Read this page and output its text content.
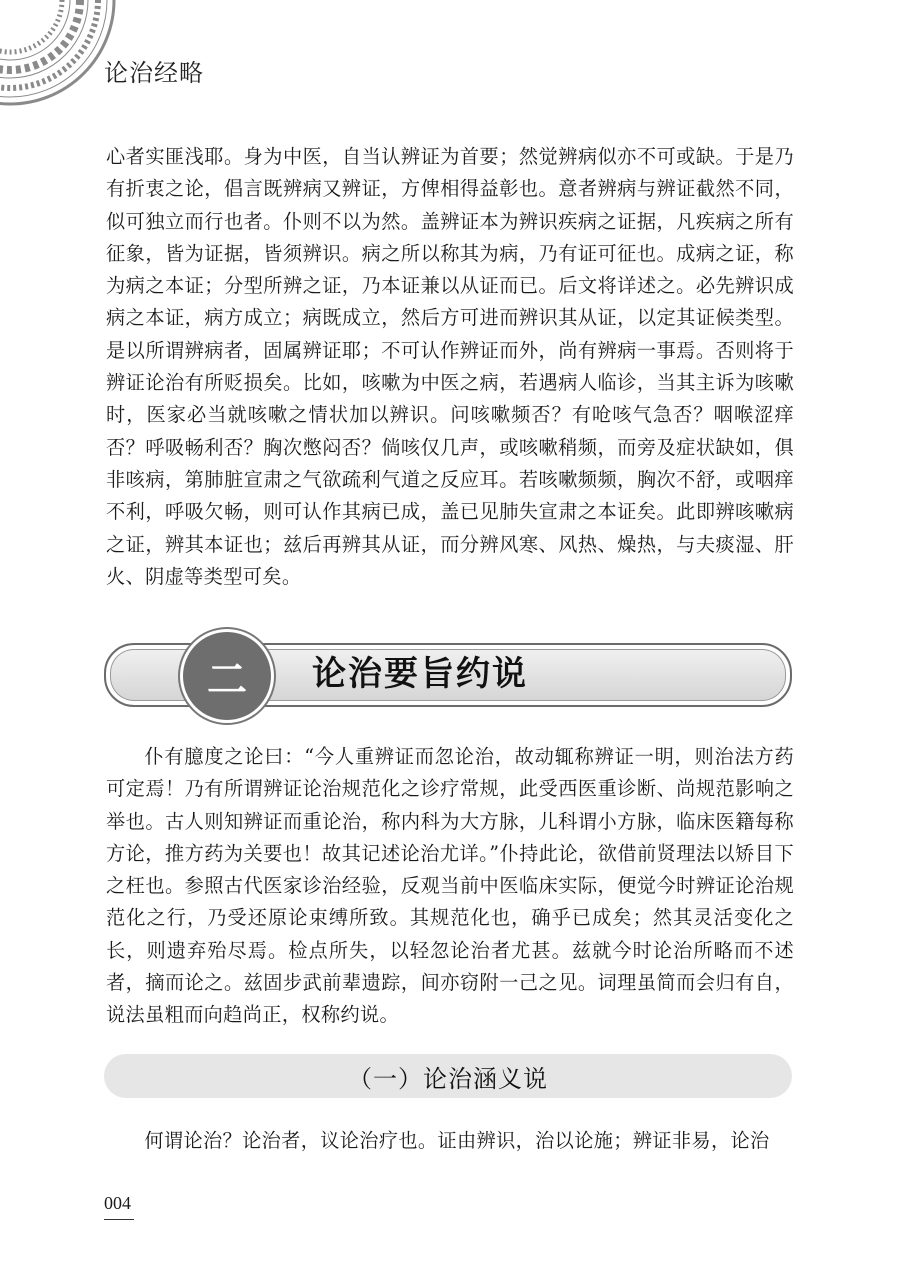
论治经略

心者实匪浅耶。身为中医，自当认辨证为首要；然觉辨病似亦不可或缺。于是乃有折衷之论，倡言既辨病又辨证，方俾相得益彰也。意者辨病与辨证截然不同，似可独立而行也者。仆则不以为然。盖辨证本为辨识疾病之证据，凡疾病之所有征象，皆为证据，皆须辨识。病之所以称其为病，乃有证可征也。成病之证，称为病之本证；分型所辨之证，乃本证兼以从证而已。后文将详述之。必先辨识成病之本证，病方成立；病既成立，然后方可进而辨识其从证，以定其证候类型。是以所谓辨病者，固属辨证耶；不可认作辨证而外，尚有辨病一事焉。否则将于辨证论治有所贬损矣。比如，咳嗽为中医之病，若遇病人临诊，当其主诉为咳嗽时，医家必当就咳嗽之情状加以辨识。问咳嗽频否？有呛咳气急否？咽喉涩痒否？呼吸畅利否？胸次憋闷否？倘咳仅几声，或咳嗽稍频，而旁及症状缺如，俱非咳病，第肺脏宣肃之气欲疏利气道之反应耳。若咳嗽频频，胸次不舒，或咽痒不利，呼吸欠畅，则可认作其病已成，盖已见肺失宣肃之本证矣。此即辨咳嗽病之证，辨其本证也；兹后再辨其从证，而分辨风寒、风热、燥热，与夫痰湿、肝火、阴虚等类型可矣。

二 论治要旨约说

仆有臆度之论曰：“今人重辨证而忽论治，故动辄称辨证一明，则治法方药可定焉！乃有所谓辨证论治规范化之诊疗常规，此受西医重诊断、尚规范影响之举也。古人则知辨证而重论治，称内科为大方脉，儿科谓小方脉，临床医籍每称方论，推方药为关要也！故其记述论治尤详。”仆持此论，欲借前贤理法以矫目下之枉也。参照古代医家诊治经验，反观当前中医临床实际，便觉今时辨证论治规范化之行，乃受还原论束缚所致。其规范化也，确乎已成矣；然其灵活变化之长，则遗弃殆尽焉。检点所失，以轻忽论治者尤甚。兹就今时论治所略而不述者，摘而论之。兹固步武前辈遗踪，间亦窃附一己之见。词理虽简而会归有自，说法虽粗而向趋尚正，权称约说。

（一）论治涵义说

何谓论治？论治者，议论治疗也。证由辨识，治以论施；辨证非易，论治

004
